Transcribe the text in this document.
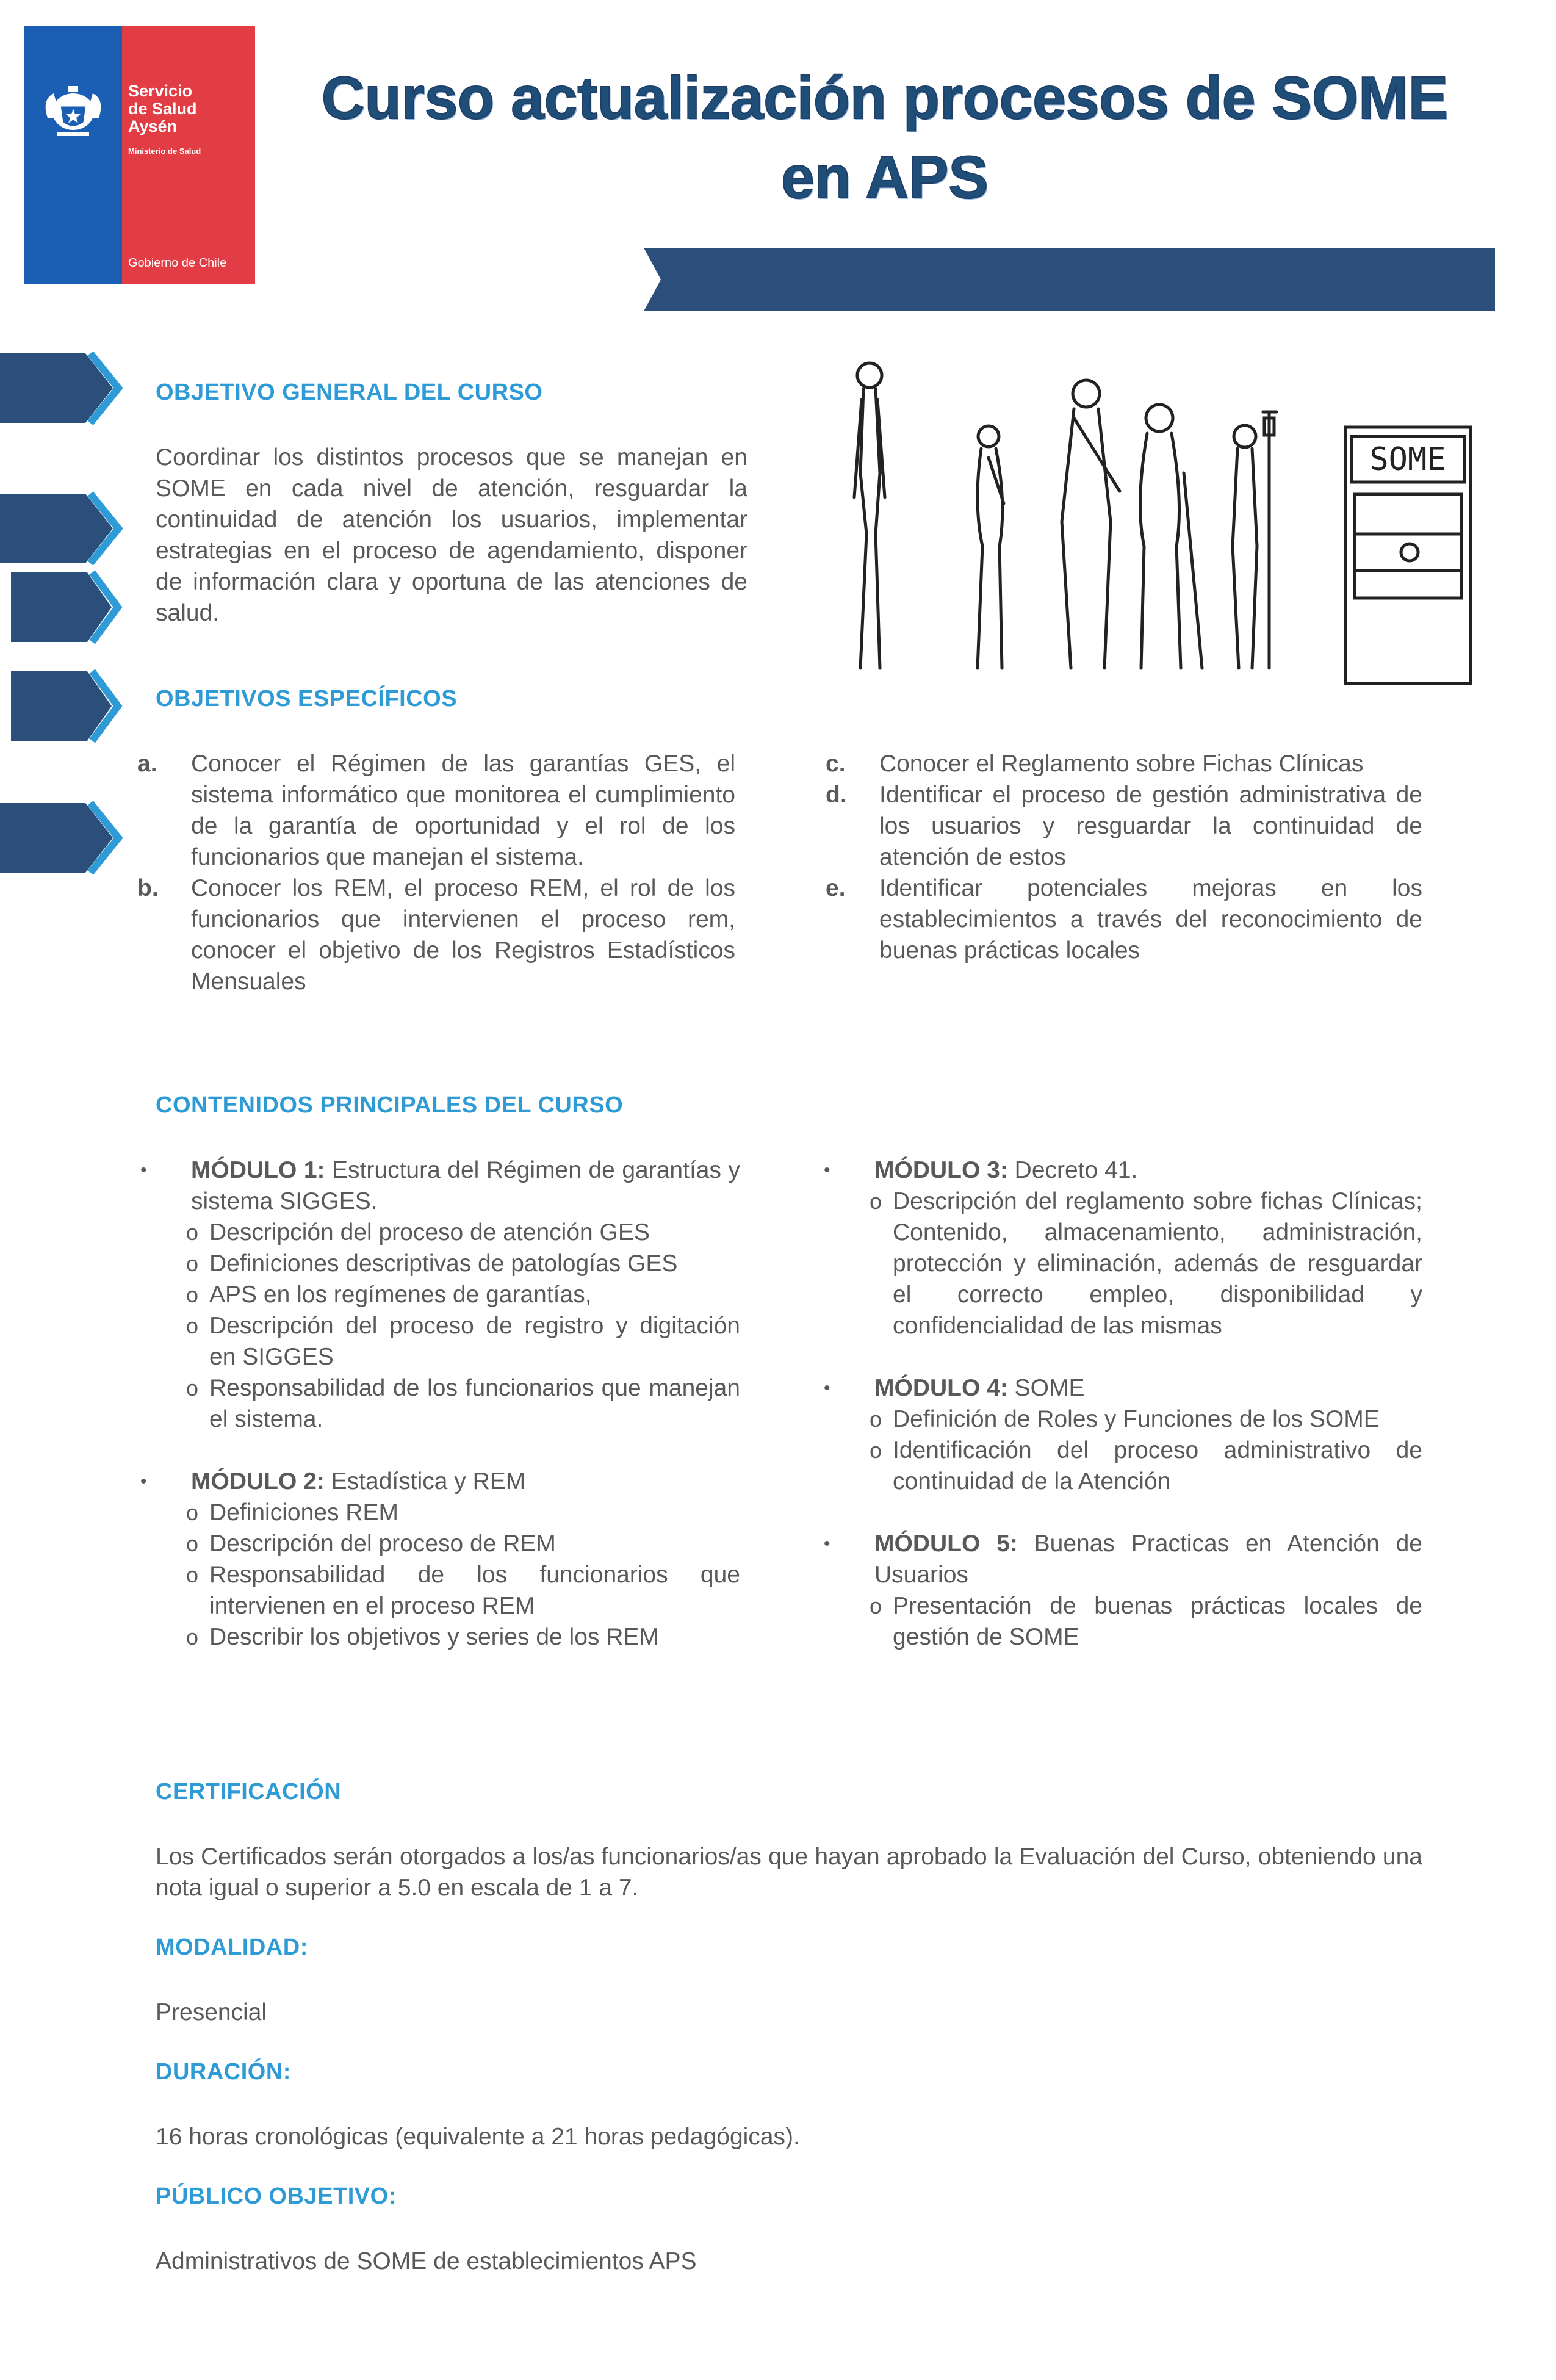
Servicio
de Salud
Aysén
Ministerio de Salud
Gobierno de Chile
Curso actualización procesos de SOME
en APS
SOME
OBJETIVO GENERAL DEL CURSO
Coordinar los distintos procesos que se manejan en SOME en cada nivel de atención, resguardar la continuidad de atención los usuarios, implementar estrategias en el proceso de agendamiento, disponer de información clara y oportuna de las atenciones de salud.
OBJETIVOS ESPECÍFICOS
a. Conocer el Régimen de las garantías GES, el sistema informático que monitorea el cumplimiento de la garantía de oportunidad y el rol de los funcionarios que manejan el sistema.
b. Conocer los REM, el proceso REM, el rol de los funcionarios que intervienen el proceso rem, conocer el objetivo de los Registros Estadísticos Mensuales
c. Conocer el Reglamento sobre Fichas Clínicas
d. Identificar el proceso de gestión administrativa de los usuarios y resguardar la continuidad de atención de estos
e. Identificar potenciales mejoras en los establecimientos a través del reconocimiento de buenas prácticas locales
CONTENIDOS PRINCIPALES DEL CURSO
• MÓDULO 1: Estructura del Régimen de garantías y sistema SIGGES.
o Descripción del proceso de atención GES
o Definiciones descriptivas de patologías GES
o APS en los regímenes de garantías,
o Descripción del proceso de registro y digitación en SIGGES
o Responsabilidad de los funcionarios que manejan el sistema.
• MÓDULO 2: Estadística y REM
o Definiciones REM
o Descripción del proceso de REM
o Responsabilidad de los funcionarios que intervienen en el proceso REM
o Describir los objetivos y series de los REM
• MÓDULO 3: Decreto 41.
o Descripción del reglamento sobre fichas Clínicas; Contenido, almacenamiento, administración, protección y eliminación, además de resguardar el correcto empleo, disponibilidad y confidencialidad de las mismas
• MÓDULO 4: SOME
o Definición de Roles y Funciones de los SOME
o Identificación del proceso administrativo de continuidad de la Atención
• MÓDULO 5: Buenas Practicas en Atención de Usuarios
o Presentación de buenas prácticas locales de gestión de SOME
CERTIFICACIÓN
Los Certificados serán otorgados a los/as funcionarios/as que hayan aprobado la Evaluación del Curso, obteniendo una nota igual o superior a 5.0 en escala de 1 a 7.
MODALIDAD:
Presencial
DURACIÓN:
16 horas cronológicas (equivalente a 21 horas pedagógicas).
PÚBLICO OBJETIVO:
Administrativos de SOME de establecimientos APS
